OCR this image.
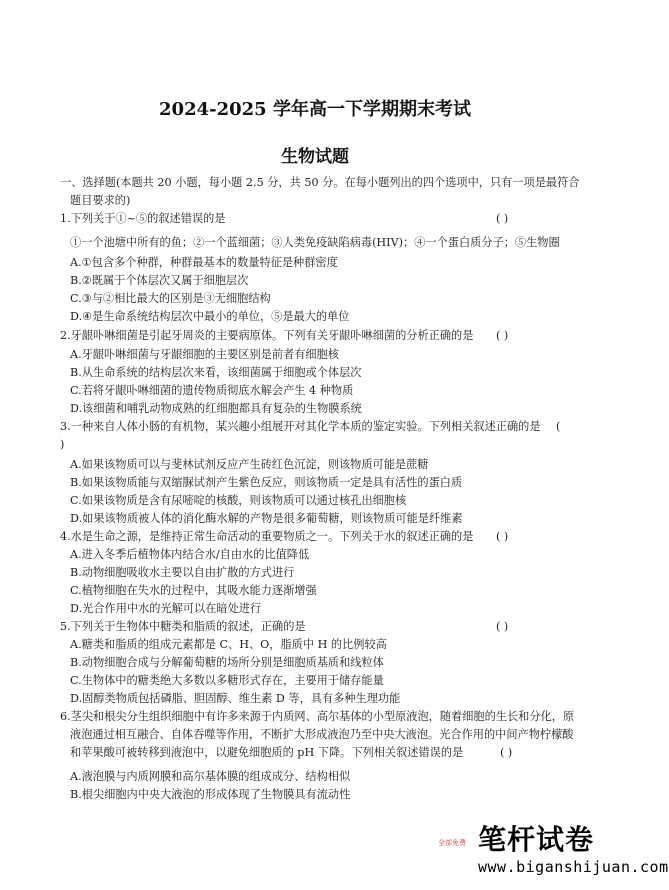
2024-2025 学年高一下学期期末考试
生物试题
一、选择题(本题共 20 小题，每小题 2.5 分，共 50 分。在每小题列出的四个选项中，只有一项是最符合
题目要求的)
1.下列关于①~⑤的叙述错误的是	( )
①一个池塘中所有的鱼；②一个蓝细菌；③人类免疫缺陷病毒(HIV)；④一个蛋白质分子；⑤生物圈
A.①包含多个种群，种群最基本的数量特征是种群密度
B.②既属于个体层次又属于细胞层次
C.③与②相比最大的区别是③无细胞结构
D.④是生命系统结构层次中最小的单位，⑤是最大的单位
2.牙龈卟啉细菌是引起牙周炎的主要病原体。下列有关牙龈卟啉细菌的分析正确的是 ( )
A.牙龈卟啉细菌与牙龈细胞的主要区别是前者有细胞核
B.从生命系统的结构层次来看，该细菌属于细胞或个体层次
C.若将牙龈卟啉细菌的遗传物质彻底水解会产生 4 种物质
D.该细菌和哺乳动物成熟的红细胞都具有复杂的生物膜系统
3.一种来自人体小肠的有机物，某兴趣小组展开对其化学本质的鉴定实验。下列相关叙述正确的是 (
)
A.如果该物质可以与斐林试剂反应产生砖红色沉淀，则该物质可能是蔗糖
B.如果该物质能与双缩脲试剂产生紫色反应，则该物质一定是具有活性的蛋白质
C.如果该物质是含有尿嘧啶的核酸，则该物质可以通过核孔出细胞核
D.如果该物质被人体的消化酶水解的产物是很多葡萄糖，则该物质可能是纤维素
4.水是生命之源，是维持正常生命活动的重要物质之一。下列关于水的叙述正确的是 ( )
A.进入冬季后植物体内结合水/自由水的比值降低
B.动物细胞吸收水主要以自由扩散的方式进行
C.植物细胞在失水的过程中，其吸水能力逐渐增强
D.光合作用中水的光解可以在暗处进行
5.下列关于生物体中糖类和脂质的叙述，正确的是	( )
A.糖类和脂质的组成元素都是 C、H、O，脂质中 H 的比例较高
B.动物细胞合成与分解葡萄糖的场所分别是细胞质基质和线粒体
C.生物体中的糖类绝大多数以多糖形式存在，主要用于储存能量
D.固醇类物质包括磷脂、胆固醇、维生素 D 等，具有多种生理功能
6.茎尖和根尖分生组织细胞中有许多来源于内质网、高尔基体的小型原液泡，随着细胞的生长和分化，原
液泡通过相互融合、自体吞噬等作用，不断扩大形成液泡乃至中央大液泡。光合作用的中间产物柠檬酸
和苹果酸可被转移到液泡中，以避免细胞质的 pH 下降。下列相关叙述错误的是	( )
A.液泡膜与内质网膜和高尔基体膜的组成成分、结构相似
B.根尖细胞内中央大液泡的形成体现了生物膜具有流动性
全部免费 笔杆试卷
www.biganshijuan.com
